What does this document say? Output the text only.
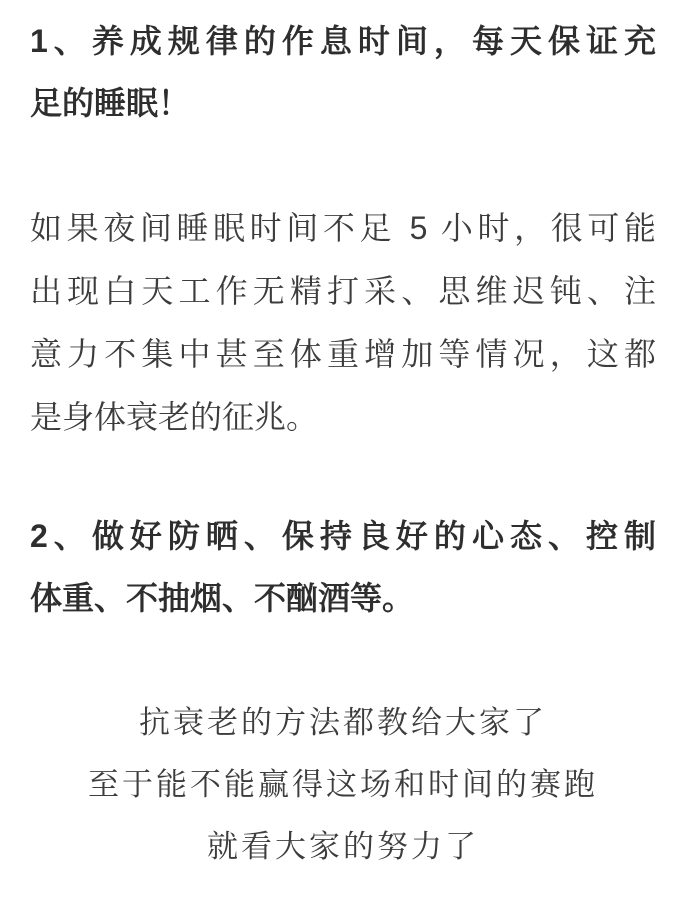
1、养成规律的作息时间，每天保证充
足的睡眠！
如果夜间睡眠时间不足 5 小时，很可能
出现白天工作无精打采、思维迟钝、注
意力不集中甚至体重增加等情况，这都
是身体衰老的征兆。
2、做好防晒、保持良好的心态、控制
体重、不抽烟、不酗酒等。
抗衰老的方法都教给大家了
至于能不能赢得这场和时间的赛跑
就看大家的努力了
